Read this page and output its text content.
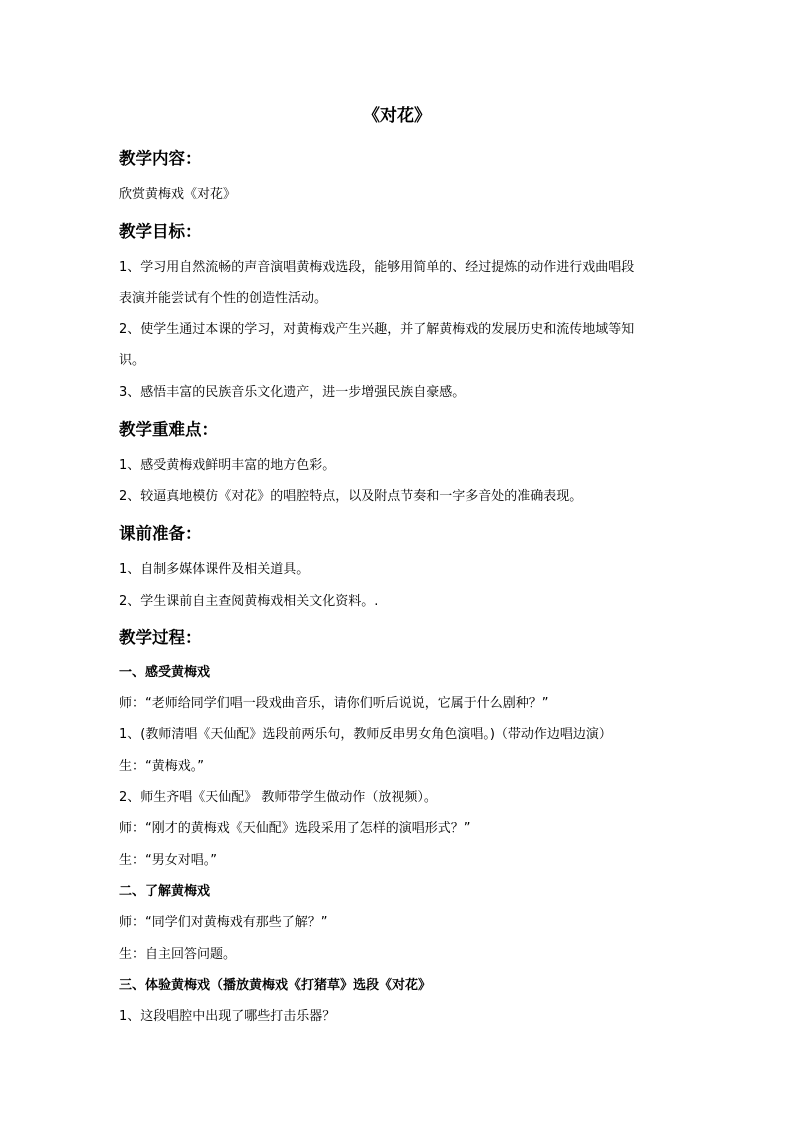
《对花》
教学内容：
欣赏黄梅戏《对花》
教学目标：
1、学习用自然流畅的声音演唱黄梅戏选段，能够用简单的、经过提炼的动作进行戏曲唱段
表演并能尝试有个性的创造性活动。
2、使学生通过本课的学习，对黄梅戏产生兴趣，并了解黄梅戏的发展历史和流传地域等知
识。
3、感悟丰富的民族音乐文化遗产，进一步增强民族自豪感。
教学重难点：
1、感受黄梅戏鲜明丰富的地方色彩。
2、较逼真地模仿《对花》的唱腔特点，以及附点节奏和一字多音处的准确表现。
课前准备：
1、自制多媒体课件及相关道具。
2、学生课前自主查阅黄梅戏相关文化资料。.
教学过程：
一、感受黄梅戏
师：“老师给同学们唱一段戏曲音乐，请你们听后说说，它属于什么剧种？”
1、(教师清唱《天仙配》选段前两乐句，教师反串男女角色演唱。)（带动作边唱边演）
生：“黄梅戏。”
2、师生齐唱《天仙配》 教师带学生做动作（放视频）。
师：“刚才的黄梅戏《天仙配》选段采用了怎样的演唱形式？”
生：“男女对唱。”
二、了解黄梅戏
师：“同学们对黄梅戏有那些了解？”
生：自主回答问题。
三、体验黄梅戏（播放黄梅戏《打猪草》选段《对花》
1、这段唱腔中出现了哪些打击乐器？
